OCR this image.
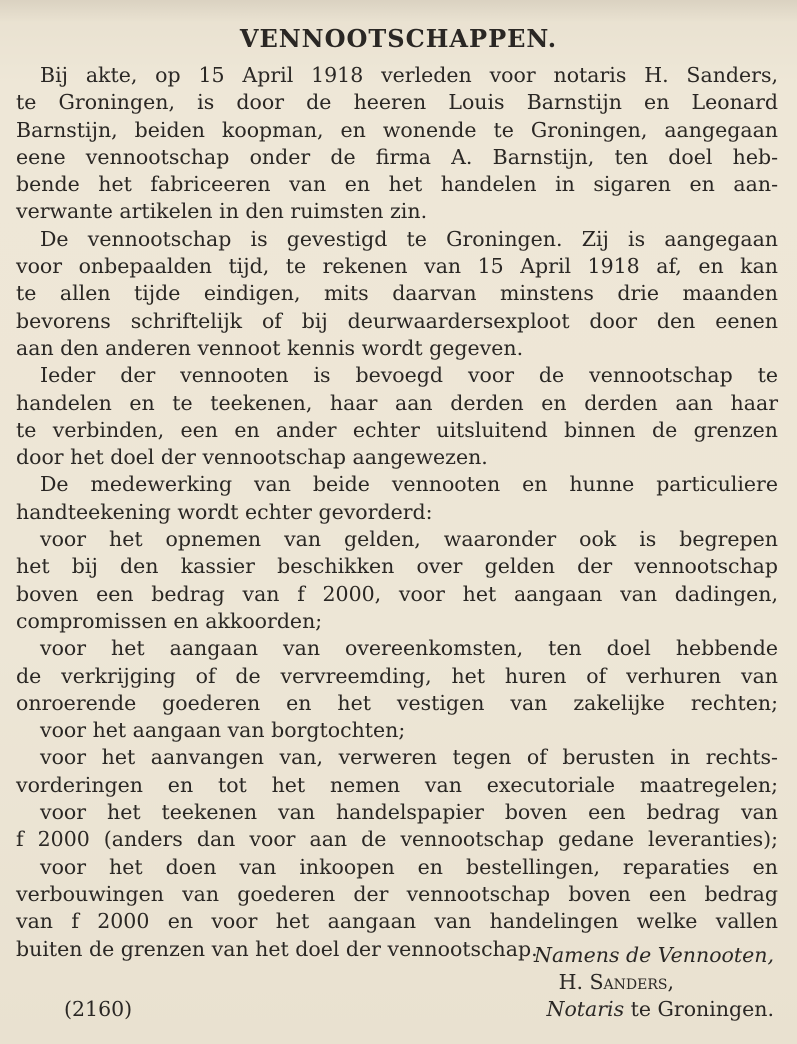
VENNOOTSCHAPPEN.
Bij akte, op 15 April 1918 verleden voor notaris H. Sanders,
te Groningen, is door de heeren Louis Barnstijn en Leonard
Barnstijn, beiden koopman, en wonende te Groningen, aangegaan
eene vennootschap onder de firma A. Barnstijn, ten doel heb-
bende het fabriceeren van en het handelen in sigaren en aan-
verwante artikelen in den ruimsten zin.
De vennootschap is gevestigd te Groningen. Zij is aangegaan
voor onbepaalden tijd, te rekenen van 15 April 1918 af, en kan
te allen tijde eindigen, mits daarvan minstens drie maanden
bevorens schriftelijk of bij deurwaardersexploot door den eenen
aan den anderen vennoot kennis wordt gegeven.
Ieder der vennooten is bevoegd voor de vennootschap te
handelen en te teekenen, haar aan derden en derden aan haar
te verbinden, een en ander echter uitsluitend binnen de grenzen
door het doel der vennootschap aangewezen.
De medewerking van beide vennooten en hunne particuliere
handteekening wordt echter gevorderd:
voor het opnemen van gelden, waaronder ook is begrepen
het bij den kassier beschikken over gelden der vennootschap
boven een bedrag van f 2000, voor het aangaan van dadingen,
compromissen en akkoorden;
voor het aangaan van overeenkomsten, ten doel hebbende
de verkrijging of de vervreemding, het huren of verhuren van
onroerende goederen en het vestigen van zakelijke rechten;
voor het aangaan van borgtochten;
voor het aanvangen van, verweren tegen of berusten in rechts-
vorderingen en tot het nemen van executoriale maatregelen;
voor het teekenen van handelspapier boven een bedrag van
f 2000 (anders dan voor aan de vennootschap gedane leveranties);
voor het doen van inkoopen en bestellingen, reparaties en
verbouwingen van goederen der vennootschap boven een bedrag
van f 2000 en voor het aangaan van handelingen welke vallen
buiten de grenzen van het doel der vennootschap.
Namens de Vennooten,
H. Sanders,
Notaris te Groningen.
(2160)
